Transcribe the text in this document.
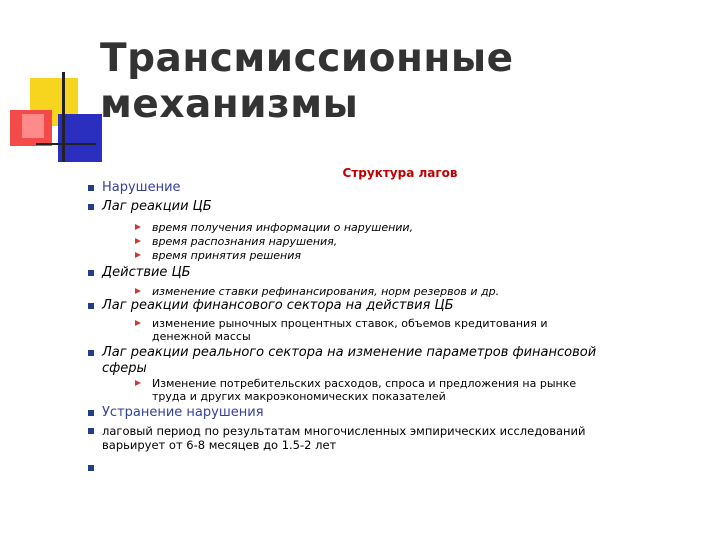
Трансмиссионные
механизмы
Структура лагов
Нарушение
Лаг реакции ЦБ
время получения информации о нарушении,
время распознания нарушения,
время принятия решения
Действие ЦБ
изменение ставки рефинансирования, норм резервов и др.
Лаг реакции финансового сектора на действия ЦБ
изменение рыночных процентных ставок, объемов кредитования и
денежной массы
Лаг реакции реального сектора на изменение параметров финансовой
сферы
Изменение потребительских расходов, спроса и предложения на рынке
труда и других макроэкономических показателей
Устранение нарушения
лаговый период по результатам многочисленных эмпирических исследований
варьирует от 6-8 месяцев до 1.5-2 лет
